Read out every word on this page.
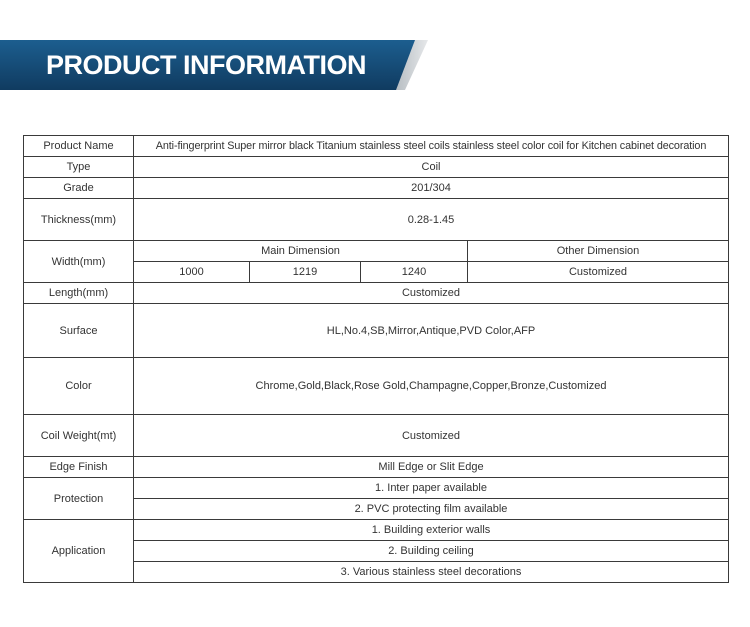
PRODUCT INFORMATION
Product Name	Anti-fingerprint Super mirror black Titanium stainless steel coils stainless steel color coil for Kitchen cabinet decoration			
Type	Coil			
Grade	201/304			
Thickness(mm)	0.28-1.45			
Width(mm)	Main Dimension			Other Dimension
	1000	1219	1240	Customized
Length(mm)	Customized			
Surface	HL,No.4,SB,Mirror,Antique,PVD Color,AFP			
Color	Chrome,Gold,Black,Rose Gold,Champagne,Copper,Bronze,Customized			
Coil Weight(mt)	Customized			
Edge Finish	Mill Edge or Slit Edge			
Protection	1. Inter paper available			
	2. PVC protecting film available			
Application	1. Building exterior walls			
	2. Building ceiling			
	3. Various stainless steel decorations			
